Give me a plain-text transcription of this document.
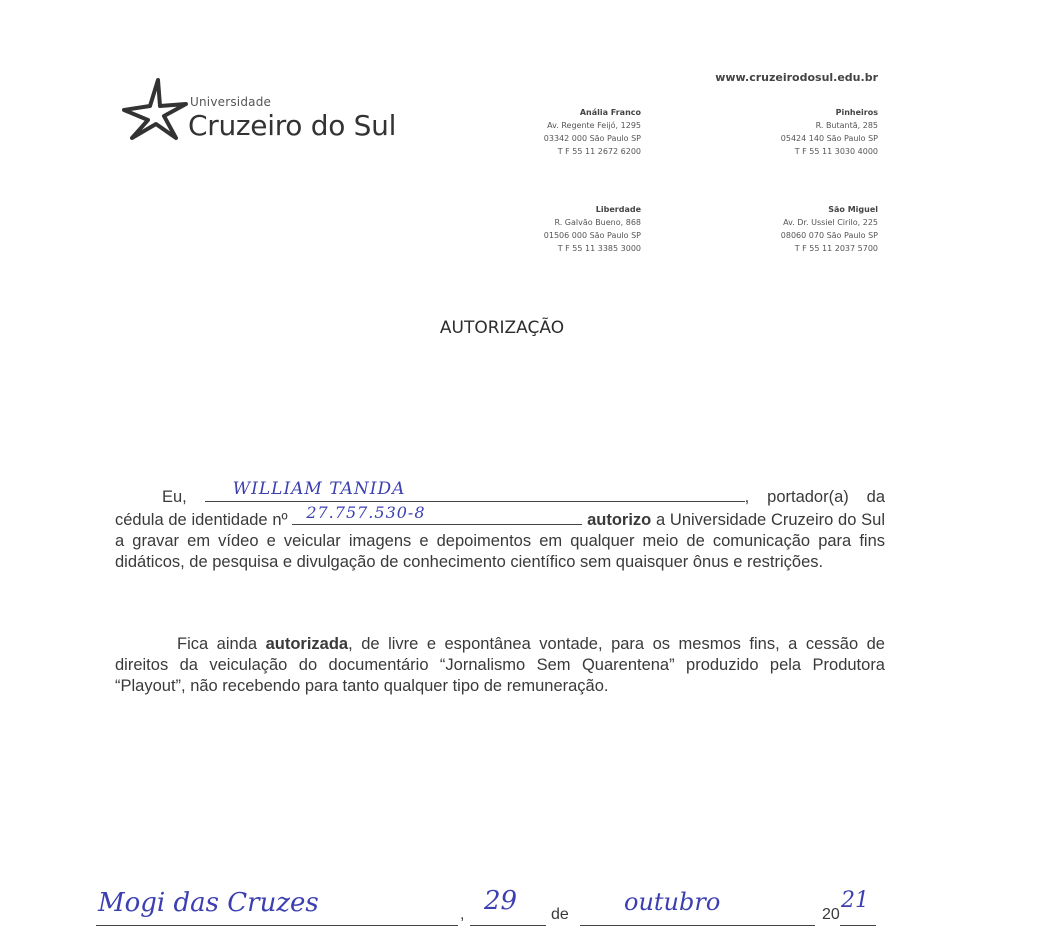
Universidade
Cruzeiro do Sul
www.cruzeirodosul.edu.br
Anália Franco
Av. Regente Feijó, 1295
03342 000 São Paulo SP
T F 55 11 2672 6200
Pinheiros
R. Butantã, 285
05424 140 São Paulo SP
T F 55 11 3030 4000
Liberdade
R. Galvão Bueno, 868
01506 000 São Paulo SP
T F 55 11 3385 3000
São Miguel
Av. Dr. Ussiel Cirilo, 225
08060 070 São Paulo SP
T F 55 11 2037 5700
AUTORIZAÇÃO
Eu,	WILLIAM TANIDA	, portador(a) da cédula de identidade nº 27.757.530-8	autorizo a Universidade Cruzeiro do Sul a gravar em vídeo e veicular imagens e depoimentos em qualquer meio de comunicação para fins didáticos, de pesquisa e divulgação de conhecimento científico sem quaisquer ônus e restrições.
Fica ainda autorizada, de livre e espontânea vontade, para os mesmos fins, a cessão de direitos da veiculação do documentário “Jornalismo Sem Quarentena” produzido pela Produtora “Playout”, não recebendo para tanto qualquer tipo de remuneração.
Mogi das Cruzes	, 29 de outubro	20
21
